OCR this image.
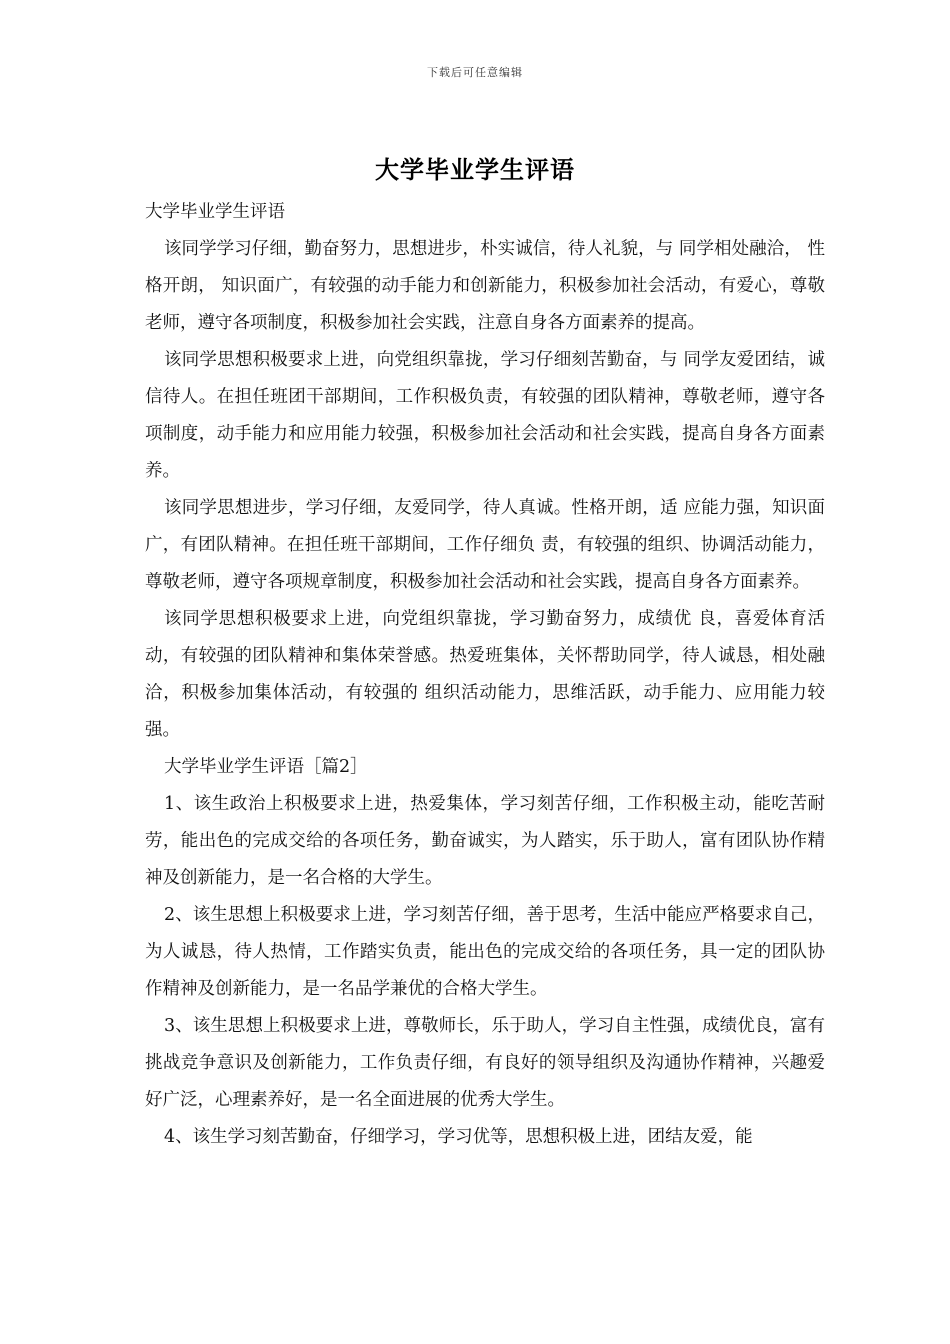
下载后可任意编辑
大学毕业学生评语

大学毕业学生评语

该同学学习仔细，勤奋努力，思想进步，朴实诚信，待人礼貌，与 同学相处融洽， 性格开朗， 知识面广，有较强的动手能力和创新能力，积极参加社会活动，有爱心，尊敬老师，遵守各项制度，积极参加社会实践，注意自身各方面素养的提高。

该同学思想积极要求上进，向党组织靠拢，学习仔细刻苦勤奋，与 同学友爱团结，诚信待人。在担任班团干部期间，工作积极负责，有较强的团队精神，尊敬老师，遵守各项制度，动手能力和应用能力较强，积极参加社会活动和社会实践，提高自身各方面素养。

该同学思想进步，学习仔细，友爱同学，待人真诚。性格开朗，适 应能力强，知识面广，有团队精神。在担任班干部期间，工作仔细负 责，有较强的组织、协调活动能力，尊敬老师，遵守各项规章制度，积极参加社会活动和社会实践，提高自身各方面素养。

该同学思想积极要求上进，向党组织靠拢，学习勤奋努力，成绩优 良，喜爱体育活动，有较强的团队精神和集体荣誉感。热爱班集体，关怀帮助同学，待人诚恳，相处融洽，积极参加集体活动，有较强的 组织活动能力，思维活跃，动手能力、应用能力较强。

大学毕业学生评语［篇2］

1、该生政治上积极要求上进，热爱集体，学习刻苦仔细，工作积极主动，能吃苦耐劳，能出色的完成交给的各项任务，勤奋诚实，为人踏实，乐于助人，富有团队协作精神及创新能力，是一名合格的大学生。

2、该生思想上积极要求上进，学习刻苦仔细，善于思考，生活中能应严格要求自己，为人诚恳，待人热情，工作踏实负责，能出色的完成交给的各项任务，具一定的团队协作精神及创新能力，是一名品学兼优的合格大学生。

3、该生思想上积极要求上进，尊敬师长，乐于助人，学习自主性强，成绩优良，富有挑战竞争意识及创新能力，工作负责仔细，有良好的领导组织及沟通协作精神，兴趣爱好广泛，心理素养好，是一名全面进展的优秀大学生。

4、该生学习刻苦勤奋，仔细学习，学习优等，思想积极上进，团结友爱，能
